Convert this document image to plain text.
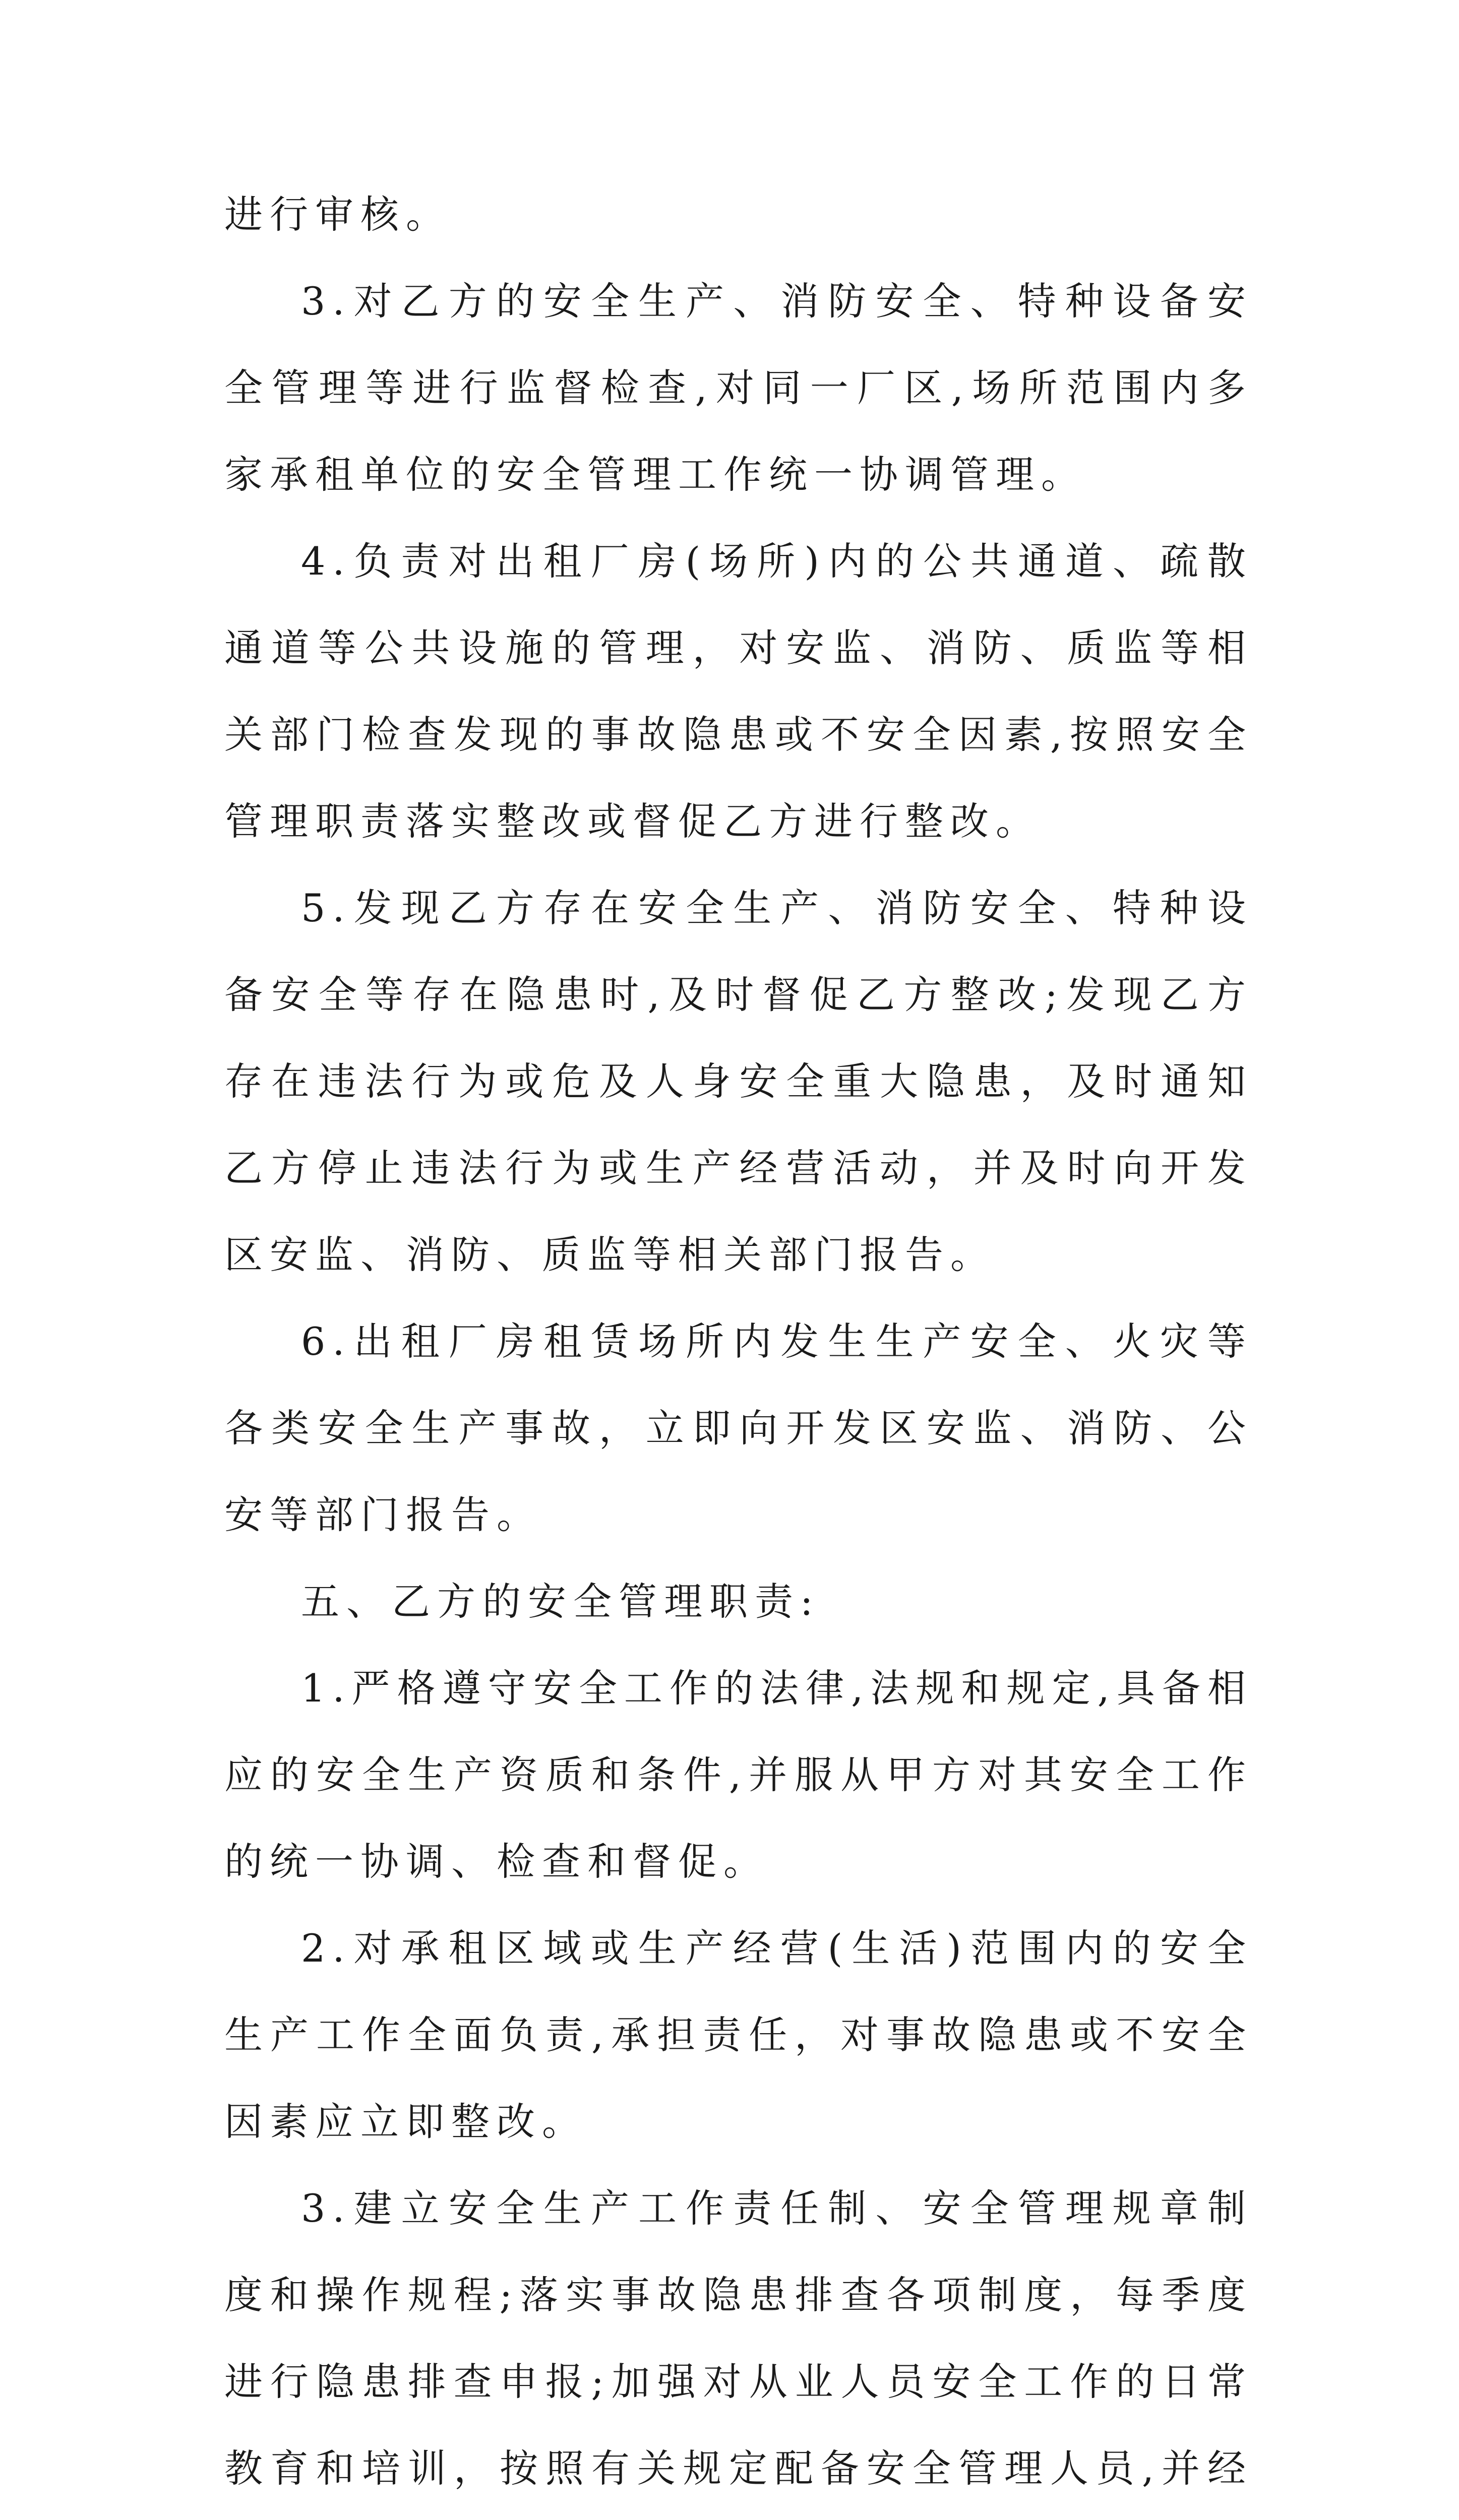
进行审核。

3.对乙方的安全生产、消防安全、特种设备安全管理等进行监督检查,对同一厂区,场所范围内多家承租单位的安全管理工作统一协调管理。

4.负责对出租厂房(场所)内的公共通道、疏散通道等公共设施的管理，对安监、消防、质监等相关部门检查发现的事故隐患或不安全因素,按照安全管理职责落实整改或督促乙方进行整改。

5.发现乙方存在安全生产、消防安全、特种设备安全等存在隐患时,及时督促乙方整改;发现乙方存在违法行为或危及人身安全重大隐患，及时通知乙方停止违法行为或生产经营活动，并及时向开发区安监、消防、质监等相关部门报告。

6.出租厂房租赁场所内发生生产安全、火灾等各类安全生产事故，立即向开发区安监、消防、公安等部门报告。

五、乙方的安全管理职责:

1.严格遵守安全工作的法律,法规和规定,具备相应的安全生产资质和条件,并服从甲方对其安全工作的统一协调、检查和督促。

2.对承租区域或生产经营(生活)范围内的安全生产工作全面负责,承担责任，对事故隐患或不安全因素应立即整改。

3.建立安全生产工作责任制、安全管理规章制度和操作规程;落实事故隐患排查各项制度，每季度进行隐患排查申报;加强对从业人员安全工作的日常教育和培训，按照有关规定配备安全管理人员,并经
